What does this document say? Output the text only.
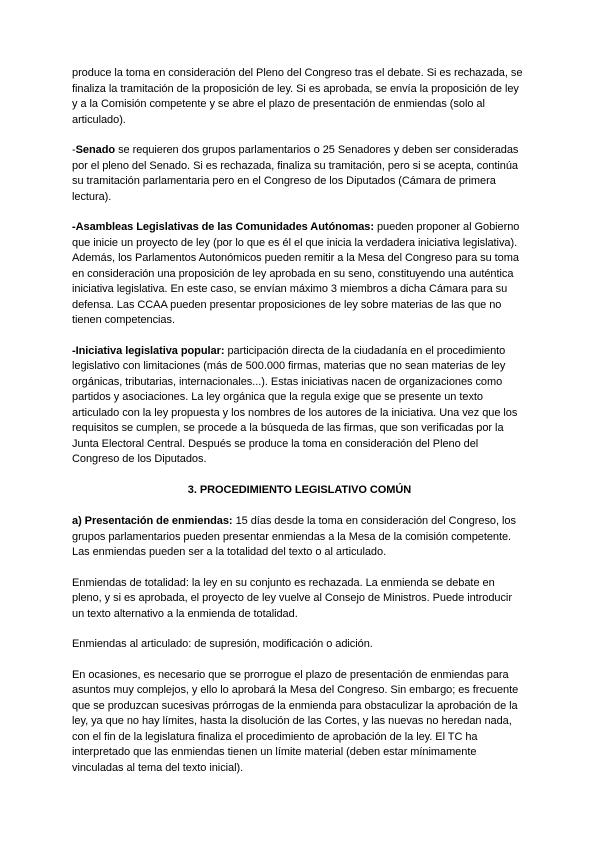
produce la toma en consideración del Pleno del Congreso tras el debate. Si es rechazada, se finaliza la tramitación de la proposición de ley. Si es aprobada, se envía la proposición de ley y a la Comisión competente y se abre el plazo de presentación de enmiendas (solo al articulado).

-Senado se requieren dos grupos parlamentarios o 25 Senadores y deben ser consideradas por el pleno del Senado. Si es rechazada, finaliza su tramitación, pero si se acepta, continúa su tramitación parlamentaria pero en el Congreso de los Diputados (Cámara de primera lectura).

-Asambleas Legislativas de las Comunidades Autónomas: pueden proponer al Gobierno que inicie un proyecto de ley (por lo que es él el que inicia la verdadera iniciativa legislativa). Además, los Parlamentos Autonómicos pueden remitir a la Mesa del Congreso para su toma en consideración una proposición de ley aprobada en su seno, constituyendo una auténtica iniciativa legislativa. En este caso, se envían máximo 3 miembros a dicha Cámara para su defensa. Las CCAA pueden presentar proposiciones de ley sobre materias de las que no tienen competencias.

-Iniciativa legislativa popular: participación directa de la ciudadanía en el procedimiento legislativo con limitaciones (más de 500.000 firmas, materias que no sean materias de ley orgánicas, tributarias, internacionales...). Estas iniciativas nacen de organizaciones como partidos y asociaciones. La ley orgánica que la regula exige que se presente un texto articulado con la ley propuesta y los nombres de los autores de la iniciativa. Una vez que los requisitos se cumplen, se procede a la búsqueda de las firmas, que son verificadas por la Junta Electoral Central. Después se produce la toma en consideración del Pleno del Congreso de los Diputados.

3. PROCEDIMIENTO LEGISLATIVO COMÚN

a) Presentación de enmiendas: 15 días desde la toma en consideración del Congreso, los grupos parlamentarios pueden presentar enmiendas a la Mesa de la comisión competente. Las enmiendas pueden ser a la totalidad del texto o al articulado.

Enmiendas de totalidad: la ley en su conjunto es rechazada. La enmienda se debate en pleno, y si es aprobada, el proyecto de ley vuelve al Consejo de Ministros. Puede introducir un texto alternativo a la enmienda de totalidad.

Enmiendas al articulado: de supresión, modificación o adición.

En ocasiones, es necesario que se prorrogue el plazo de presentación de enmiendas para asuntos muy complejos, y ello lo aprobará la Mesa del Congreso. Sin embargo; es frecuente que se produzcan sucesivas prórrogas de la enmienda para obstaculizar la aprobación de la ley, ya que no hay límites, hasta la disolución de las Cortes, y las nuevas no heredan nada, con el fin de la legislatura finaliza el procedimiento de aprobación de la ley. El TC ha interpretado que las enmiendas tienen un límite material (deben estar mínimamente vinculadas al tema del texto inicial).
